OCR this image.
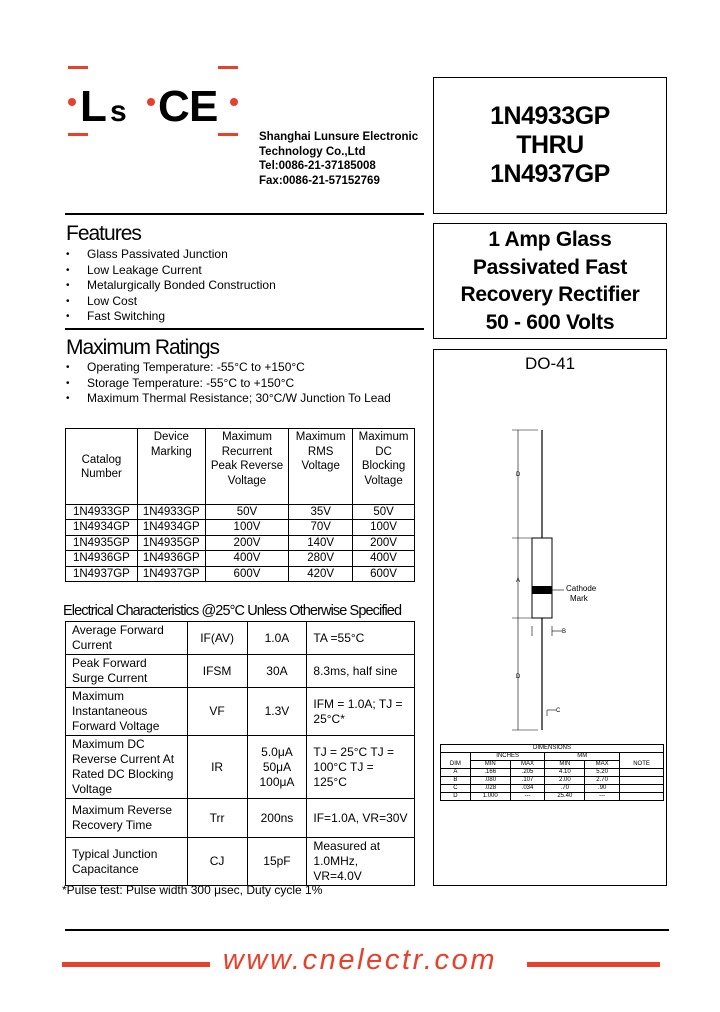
L s C E
Shanghai Lunsure Electronic
Technology Co.,Ltd
Tel:0086-21-37185008
Fax:0086-21-57152769
1N4933GP
THRU
1N4937GP
1 Amp Glass
Passivated Fast
Recovery Rectifier
50 - 600 Volts
DO-41
D
A
B
D
C
Cathode
Mark
DIMENSIONS					
DIM	INCHES		MM		NOTE
	MIN	MAX	MIN	MAX	
A	.166	.205	4.10	5.20	
B	.080	.107	2.00	2.70	
C	.028	.034	.70	.90	
D	1.000	---	25.40	---	
Features
• Glass Passivated Junction
• Low Leakage Current
• Metalurgically Bonded Construction
• Low Cost
• Fast Switching
Maximum Ratings
• Operating Temperature: -55°C to +150°C
• Storage Temperature: -55°C to +150°C
• Maximum Thermal Resistance; 30°C/W Junction To Lead
Catalog Number	Device Marking	Maximum Recurrent Peak Reverse Voltage	Maximum RMS Voltage	Maximum DC Blocking Voltage
1N4933GP	1N4933GP	50V	35V	50V
1N4934GP	1N4934GP	100V	70V	100V
1N4935GP	1N4935GP	200V	140V	200V
1N4936GP	1N4936GP	400V	280V	400V
1N4937GP	1N4937GP	600V	420V	600V
Electrical Characteristics @25°C Unless Otherwise Specified
Average Forward Current	IF(AV)	1.0A	TA =55°C
Peak Forward Surge Current	IFSM	30A	8.3ms, half sine
Maximum Instantaneous Forward Voltage	VF	1.3V	IFM = 1.0A; TJ = 25°C*
Maximum DC Reverse Current At Rated DC Blocking Voltage	IR	5.0μA 50μA 100μA	TJ = 25°C TJ = 100°C TJ = 125°C
Maximum Reverse Recovery Time	Trr	200ns	IF=1.0A, VR=30V
Typical Junction Capacitance	CJ	15pF	Measured at 1.0MHz, VR=4.0V
*Pulse test: Pulse width 300 μsec, Duty cycle 1%
www.cnelectr.com
